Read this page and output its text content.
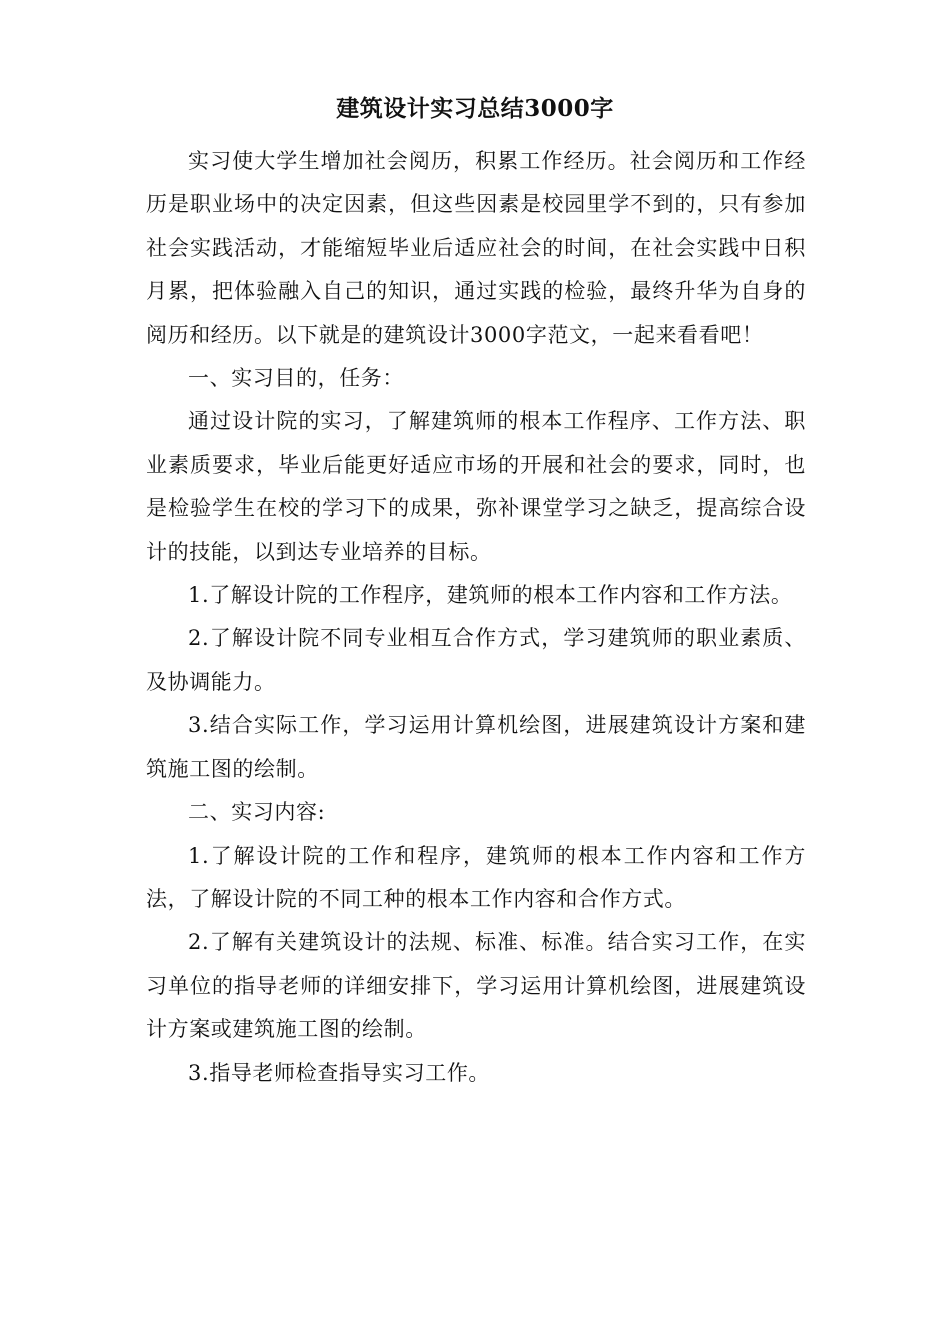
建筑设计实习总结3000字

实习使大学生增加社会阅历，积累工作经历。社会阅历和工作经历是职业场中的决定因素，但这些因素是校园里学不到的，只有参加社会实践活动，才能缩短毕业后适应社会的时间，在社会实践中日积月累，把体验融入自己的知识，通过实践的检验，最终升华为自身的阅历和经历。以下就是的建筑设计3000字范文，一起来看看吧！

一、实习目的，任务：

通过设计院的实习，了解建筑师的根本工作程序、工作方法、职业素质要求，毕业后能更好适应市场的开展和社会的要求，同时，也是检验学生在校的学习下的成果，弥补课堂学习之缺乏，提高综合设计的技能，以到达专业培养的目标。

1.了解设计院的工作程序，建筑师的根本工作内容和工作方法。

2.了解设计院不同专业相互合作方式，学习建筑师的职业素质、及协调能力。

3.结合实际工作，学习运用计算机绘图，进展建筑设计方案和建筑施工图的绘制。

二、实习内容:

1.了解设计院的工作和程序，建筑师的根本工作内容和工作方法，了解设计院的不同工种的根本工作内容和合作方式。

2.了解有关建筑设计的法规、标准、标准。结合实习工作，在实习单位的指导老师的详细安排下，学习运用计算机绘图，进展建筑设计方案或建筑施工图的绘制。

3.指导老师检查指导实习工作。
